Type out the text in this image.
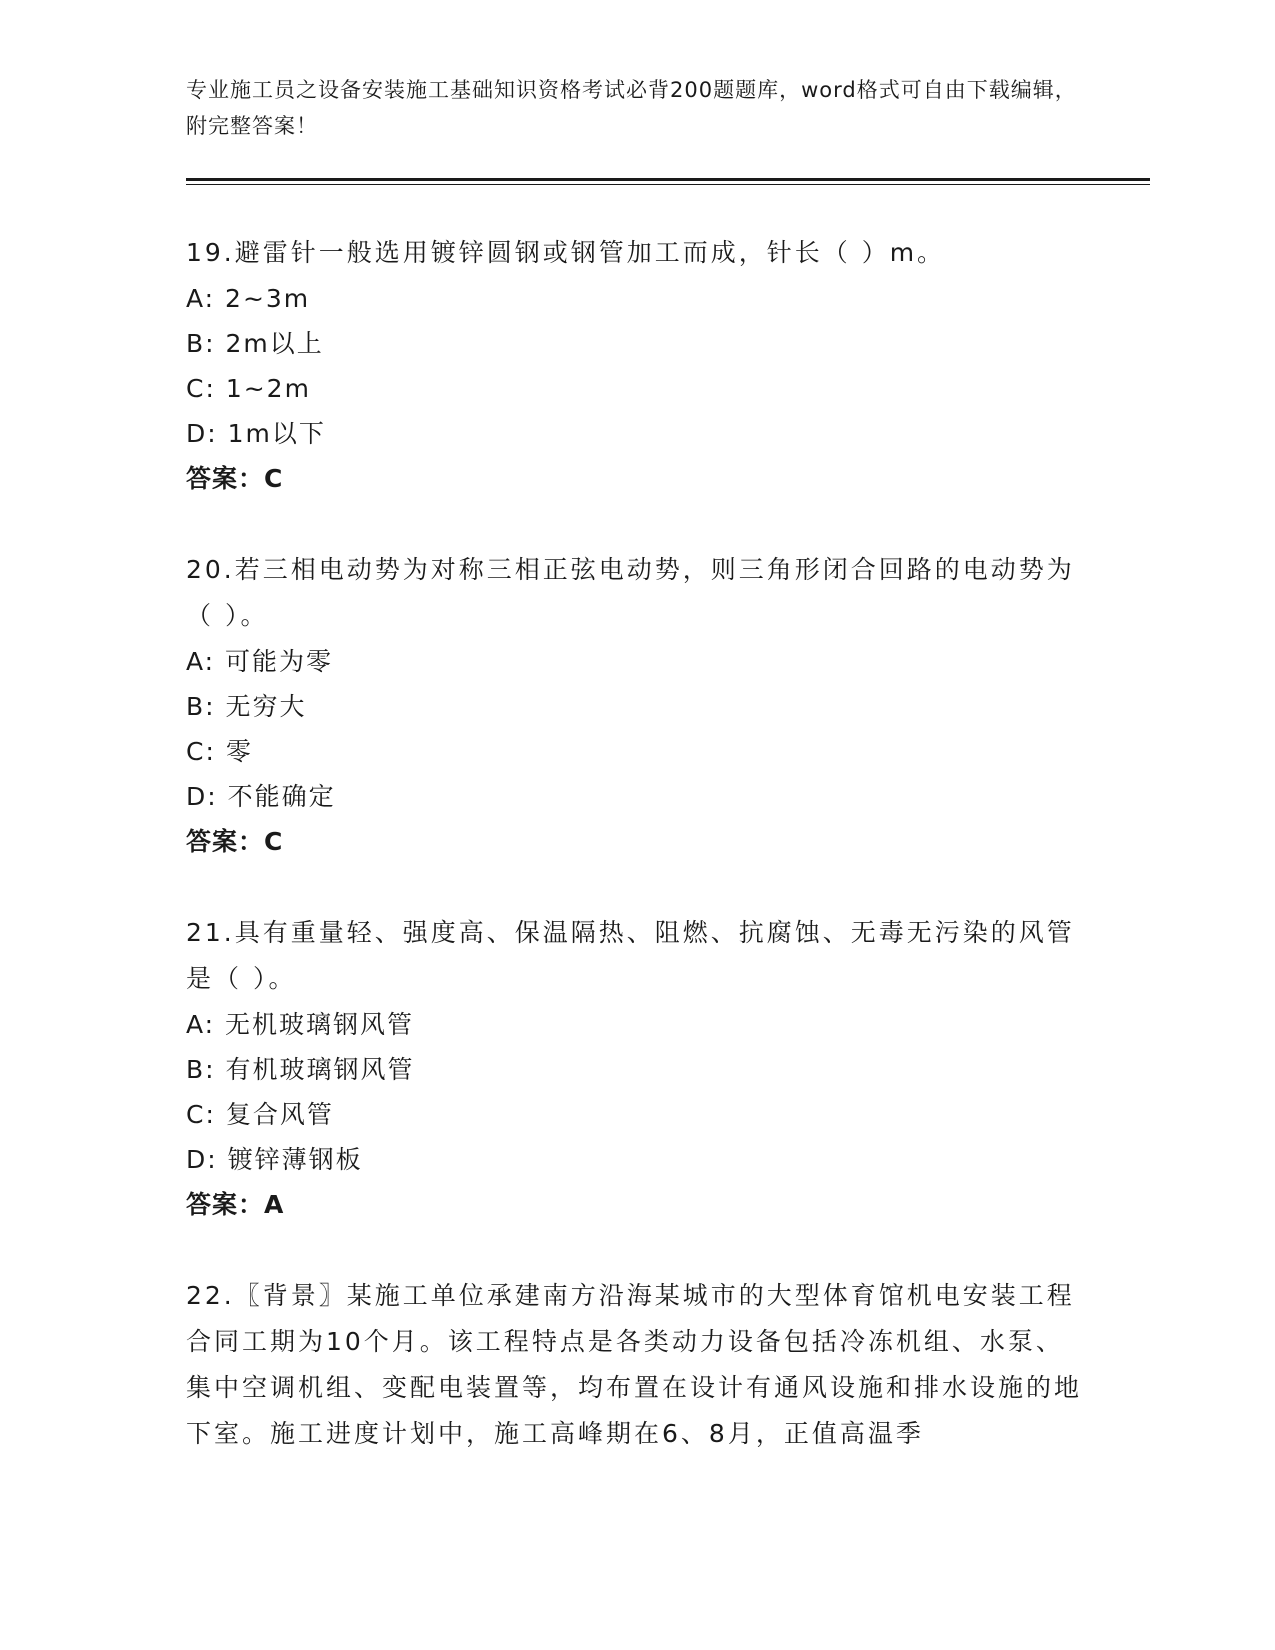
专业施工员之设备安装施工基础知识资格考试必背200题题库，word格式可自由下载编辑，附完整答案！
19.避雷针一般选用镀锌圆钢或钢管加工而成，针长（ ）m。
A: 2~3m
B: 2m以上
C: 1~2m
D: 1m以下
答案：C
20.若三相电动势为对称三相正弦电动势，则三角形闭合回路的电动势为（ ）。
A: 可能为零
B: 无穷大
C: 零
D: 不能确定
答案：C
21.具有重量轻、强度高、保温隔热、阻燃、抗腐蚀、无毒无污染的风管是（ ）。
A: 无机玻璃钢风管
B: 有机玻璃钢风管
C: 复合风管
D: 镀锌薄钢板
答案：A
22.〖背景〗某施工单位承建南方沿海某城市的大型体育馆机电安装工程合同工期为10个月。该工程特点是各类动力设备包括冷冻机组、水泵、集中空调机组、变配电装置等，均布置在设计有通风设施和排水设施的地下室。施工进度计划中，施工高峰期在6、8月，正值高温季
